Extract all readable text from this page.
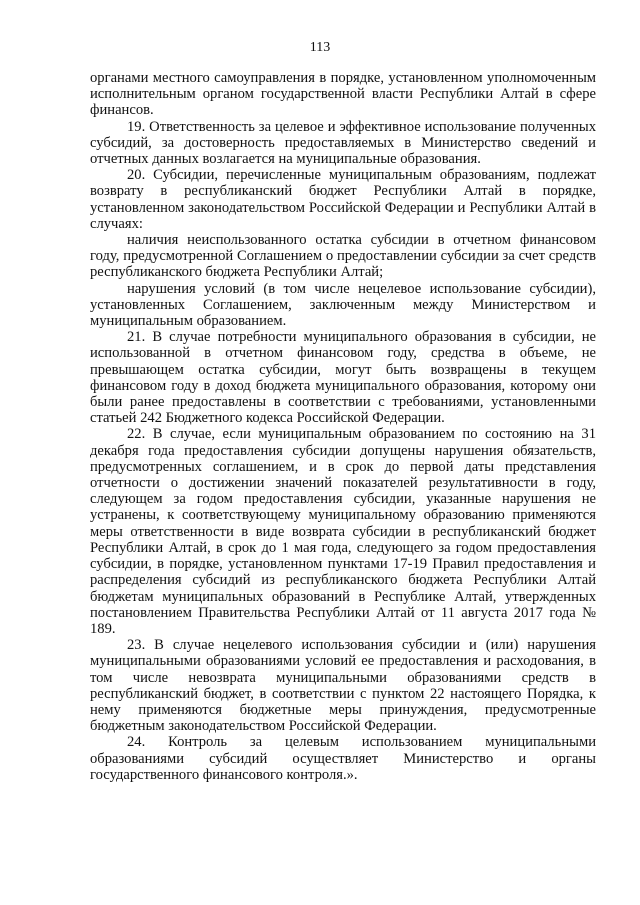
113

органами местного самоуправления в порядке, установленном уполномоченным исполнительным органом государственной власти Республики Алтай в сфере финансов.

19. Ответственность за целевое и эффективное использование полученных субсидий, за достоверность предоставляемых в Министерство сведений и отчетных данных возлагается на муниципальные образования.

20. Субсидии, перечисленные муниципальным образованиям, подлежат возврату в республиканский бюджет Республики Алтай в порядке, установленном законодательством Российской Федерации и Республики Алтай в случаях:

наличия неиспользованного остатка субсидии в отчетном финансовом году, предусмотренной Соглашением о предоставлении субсидии за счет средств республиканского бюджета Республики Алтай;

нарушения условий (в том числе нецелевое использование субсидии), установленных Соглашением, заключенным между Министерством и муниципальным образованием.

21. В случае потребности муниципального образования в субсидии, не использованной в отчетном финансовом году, средства в объеме, не превышающем остатка субсидии, могут быть возвращены в текущем финансовом году в доход бюджета муниципального образования, которому они были ранее предоставлены в соответствии с требованиями, установленными статьей 242 Бюджетного кодекса Российской Федерации.

22. В случае, если муниципальным образованием по состоянию на 31 декабря года предоставления субсидии допущены нарушения обязательств, предусмотренных соглашением, и в срок до первой даты представления отчетности о достижении значений показателей результативности в году, следующем за годом предоставления субсидии, указанные нарушения не устранены, к соответствующему муниципальному образованию применяются меры ответственности в виде возврата субсидии в республиканский бюджет Республики Алтай, в срок до 1 мая года, следующего за годом предоставления субсидии, в порядке, установленном пунктами 17-19 Правил предоставления и распределения субсидий из республиканского бюджета Республики Алтай бюджетам муниципальных образований в Республике Алтай, утвержденных постановлением Правительства Республики Алтай от 11 августа 2017 года № 189.

23. В случае нецелевого использования субсидии и (или) нарушения муниципальными образованиями условий ее предоставления и расходования, в том числе невозврата муниципальными образованиями средств в республиканский бюджет, в соответствии с пунктом 22 настоящего Порядка, к нему применяются бюджетные меры принуждения, предусмотренные бюджетным законодательством Российской Федерации.

24. Контроль за целевым использованием муниципальными образованиями субсидий осуществляет Министерство и органы государственного финансового контроля.».
